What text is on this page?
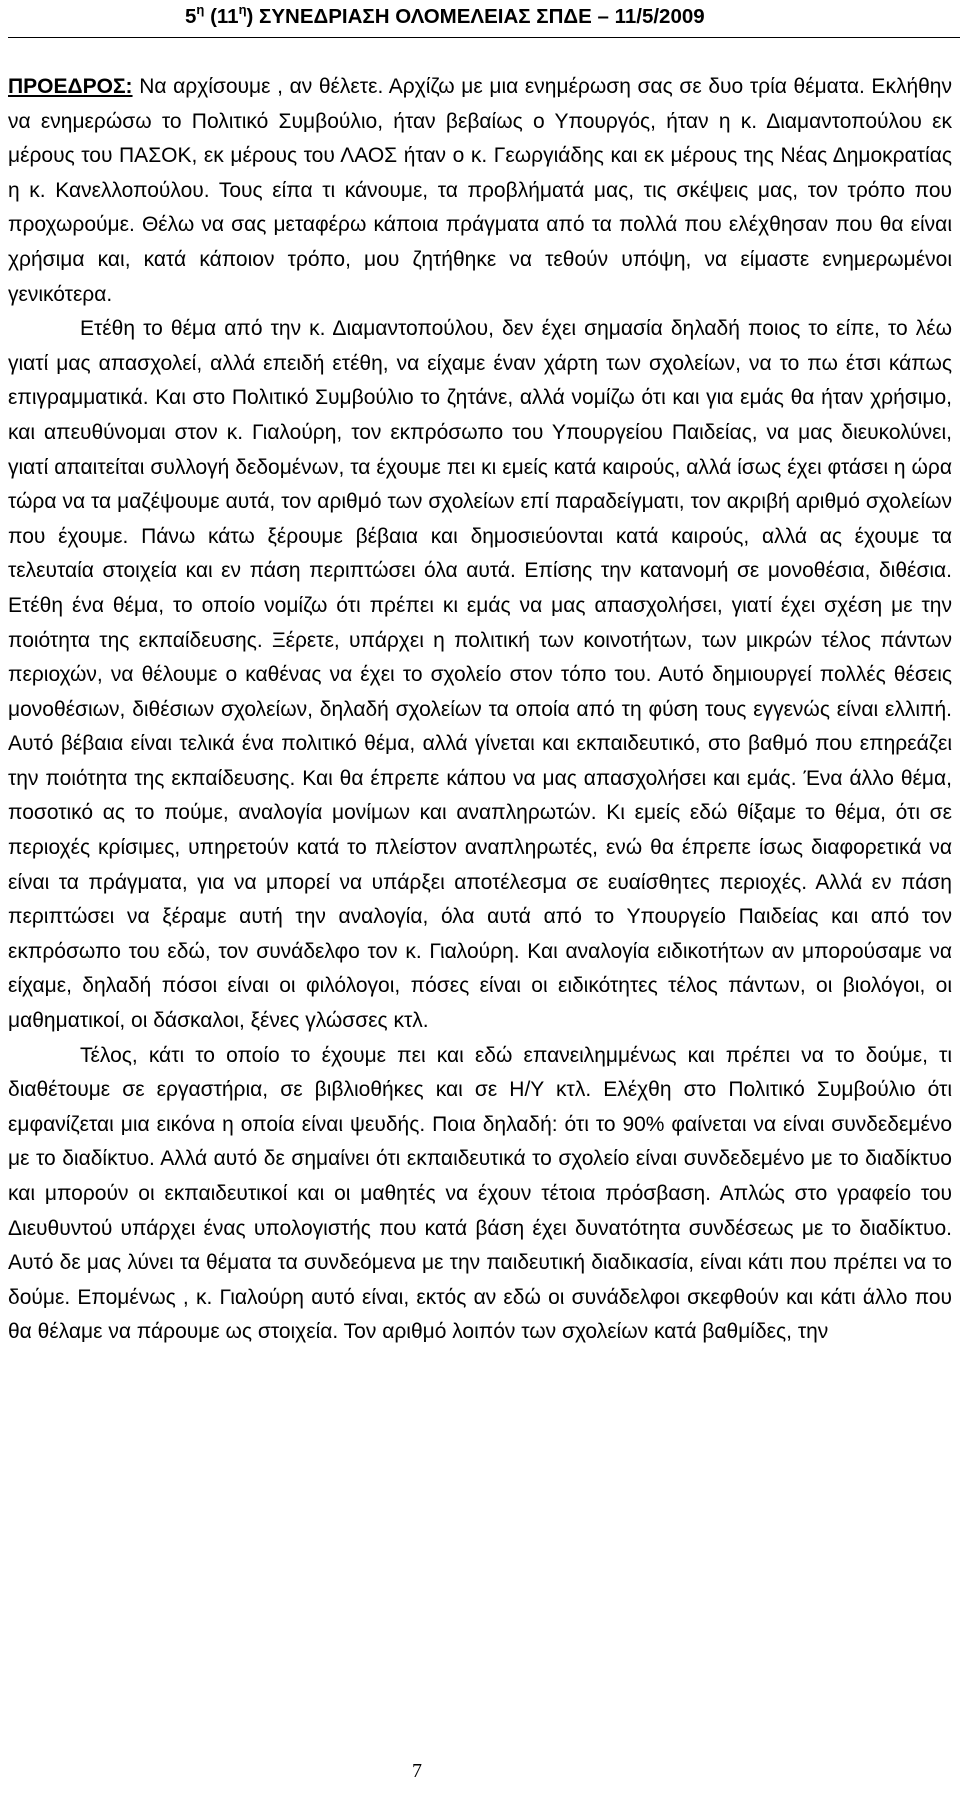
$5^\eta$ $(11^\eta)$ ΣΥΝΕΔΡΙΑΣΗ ΟΛΟΜΕΛΕΙΑΣ ΣΠΔΕ – 11/5/2009

ΠΡΟΕΔΡΟΣ: Να αρχίσουμε , αν θέλετε. Αρχίζω με μια ενημέρωση σας σε δυο τρία θέματα. Εκλήθην να ενημερώσω το Πολιτικό Συμβούλιο, ήταν βεβαίως ο Υπουργός, ήταν η κ. Διαμαντοπούλου εκ μέρους του ΠΑΣΟΚ, εκ μέρους του ΛΑΟΣ ήταν ο κ. Γεωργιάδης και εκ μέρους της Νέας Δημοκρατίας η κ. Κανελλοπούλου. Τους είπα τι κάνουμε, τα προβλήματά μας, τις σκέψεις μας, τον τρόπο που προχωρούμε. Θέλω να σας μεταφέρω κάποια πράγματα από τα πολλά που ελέχθησαν που θα είναι χρήσιμα και, κατά κάποιον τρόπο, μου ζητήθηκε να τεθούν υπόψη, να είμαστε ενημερωμένοι γενικότερα.

Ετέθη το θέμα από την κ. Διαμαντοπούλου, δεν έχει σημασία δηλαδή ποιος το είπε, το λέω γιατί μας απασχολεί, αλλά επειδή ετέθη, να είχαμε έναν χάρτη των σχολείων, να το πω έτσι κάπως επιγραμματικά. Και στο Πολιτικό Συμβούλιο το ζητάνε, αλλά νομίζω ότι και για εμάς θα ήταν χρήσιμο, και απευθύνομαι στον κ. Γιαλούρη, τον εκπρόσωπο του Υπουργείου Παιδείας, να μας διευκολύνει, γιατί απαιτείται συλλογή δεδομένων, τα έχουμε πει κι εμείς κατά καιρούς, αλλά ίσως έχει φτάσει η ώρα τώρα να τα μαζέψουμε αυτά, τον αριθμό των σχολείων επί παραδείγματι, τον ακριβή αριθμό σχολείων που έχουμε. Πάνω κάτω ξέρουμε βέβαια και δημοσιεύονται κατά καιρούς, αλλά ας έχουμε τα τελευταία στοιχεία και εν πάση περιπτώσει όλα αυτά. Επίσης την κατανομή σε μονοθέσια, διθέσια. Ετέθη ένα θέμα, το οποίο νομίζω ότι πρέπει κι εμάς να μας απασχολήσει, γιατί έχει σχέση με την ποιότητα της εκπαίδευσης. Ξέρετε, υπάρχει η πολιτική των κοινοτήτων, των μικρών τέλος πάντων περιοχών, να θέλουμε ο καθένας να έχει το σχολείο στον τόπο του. Αυτό δημιουργεί πολλές θέσεις μονοθέσιων, διθέσιων σχολείων, δηλαδή σχολείων τα οποία από τη φύση τους εγγενώς είναι ελλιπή. Αυτό βέβαια είναι τελικά ένα πολιτικό θέμα, αλλά γίνεται και εκπαιδευτικό, στο βαθμό που επηρεάζει την ποιότητα της εκπαίδευσης. Και θα έπρεπε κάπου να μας απασχολήσει και εμάς. Ένα άλλο θέμα, ποσοτικό ας το πούμε, αναλογία μονίμων και αναπληρωτών. Κι εμείς εδώ θίξαμε το θέμα, ότι σε περιοχές κρίσιμες, υπηρετούν κατά το πλείστον αναπληρωτές, ενώ θα έπρεπε ίσως διαφορετικά να είναι τα πράγματα, για να μπορεί να υπάρξει αποτέλεσμα σε ευαίσθητες περιοχές. Αλλά εν πάση περιπτώσει να ξέραμε αυτή την αναλογία, όλα αυτά από το Υπουργείο Παιδείας και από τον εκπρόσωπο του εδώ, τον συνάδελφο τον κ. Γιαλούρη. Και αναλογία ειδικοτήτων αν μπορούσαμε να είχαμε, δηλαδή πόσοι είναι οι φιλόλογοι, πόσες είναι οι ειδικότητες τέλος πάντων, οι βιολόγοι, οι μαθηματικοί, οι δάσκαλοι, ξένες γλώσσες κτλ.

Τέλος, κάτι το οποίο το έχουμε πει και εδώ επανειλημμένως και πρέπει να το δούμε, τι διαθέτουμε σε εργαστήρια, σε βιβλιοθήκες και σε Η/Υ κτλ. Ελέχθη στο Πολιτικό Συμβούλιο ότι εμφανίζεται μια εικόνα η οποία είναι ψευδής. Ποια δηλαδή: ότι το 90% φαίνεται να είναι συνδεδεμένο με το διαδίκτυο. Αλλά αυτό δε σημαίνει ότι εκπαιδευτικά το σχολείο είναι συνδεδεμένο με το διαδίκτυο και μπορούν οι εκπαιδευτικοί και οι μαθητές να έχουν τέτοια πρόσβαση. Απλώς στο γραφείο του Διευθυντού υπάρχει ένας υπολογιστής που κατά βάση έχει δυνατότητα συνδέσεως με το διαδίκτυο. Αυτό δε μας λύνει τα θέματα τα συνδεόμενα με την παιδευτική διαδικασία, είναι κάτι που πρέπει να το δούμε. Επομένως , κ. Γιαλούρη αυτό είναι, εκτός αν εδώ οι συνάδελφοι σκεφθούν και κάτι άλλο που θα θέλαμε να πάρουμε ως στοιχεία. Τον αριθμό λοιπόν των σχολείων κατά βαθμίδες, την

7
